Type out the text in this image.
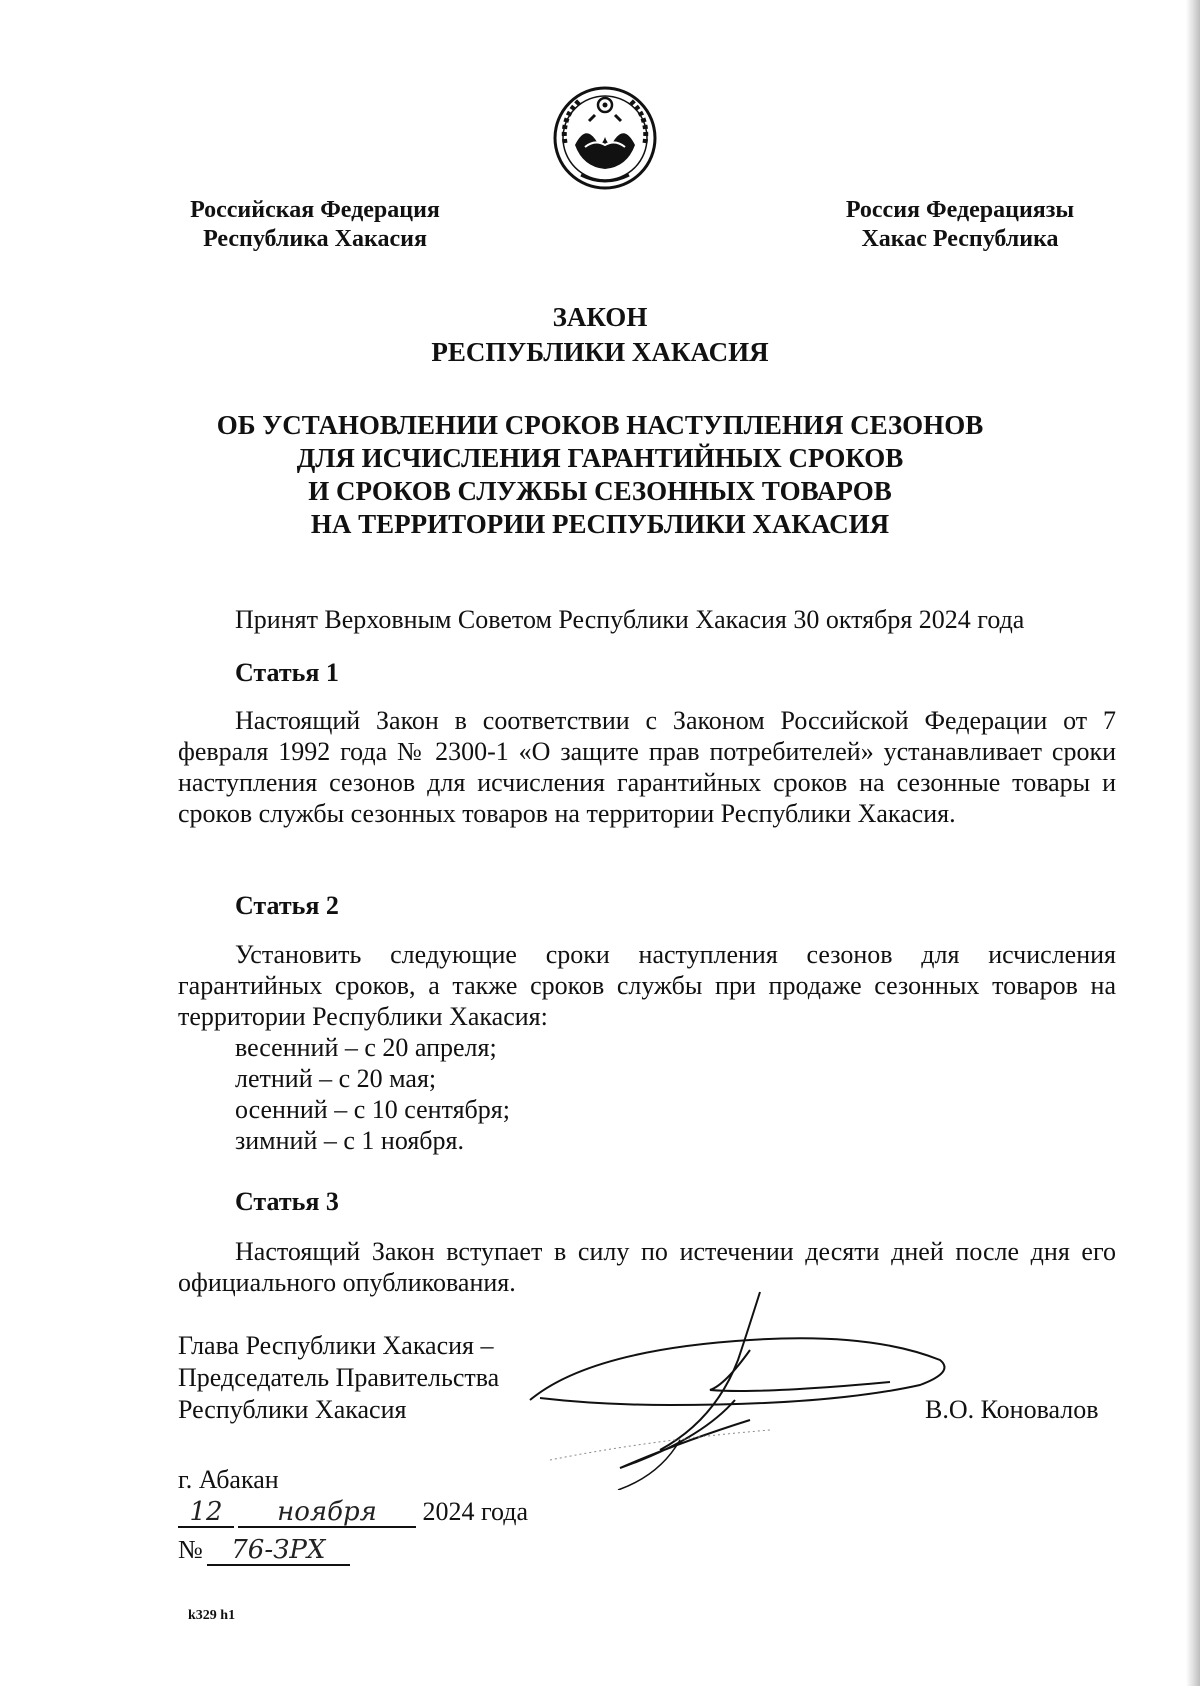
Российская Федерация
Республика Хакасия
Россия Федерациязы
Хакас Республика
ЗАКОН
РЕСПУБЛИКИ ХАКАСИЯ
ОБ УСТАНОВЛЕНИИ СРОКОВ НАСТУПЛЕНИЯ СЕЗОНОВ
ДЛЯ ИСЧИСЛЕНИЯ ГАРАНТИЙНЫХ СРОКОВ
И СРОКОВ СЛУЖБЫ СЕЗОННЫХ ТОВАРОВ
НА ТЕРРИТОРИИ РЕСПУБЛИКИ ХАКАСИЯ
Принят Верховным Советом Республики Хакасия 30 октября 2024 года
Статья 1

Настоящий Закон в соответствии с Законом Российской Федерации от 7 февраля 1992 года № 2300-1 «О защите прав потребителей» устанавливает сроки наступления сезонов для исчисления гарантийных сроков на сезонные товары и сроков службы сезонных товаров на территории Республики Хакасия.

Статья 2

Установить следующие сроки наступления сезонов для исчисления гарантийных сроков, а также сроков службы при продаже сезонных товаров на территории Республики Хакасия:

весенний – с 20 апреля;
летний – с 20 мая;
осенний – с 10 сентября;
зимний – с 1 ноября.
Статья 3

Настоящий Закон вступает в силу по истечении десяти дней после дня его официального опубликования.

Глава Республики Хакасия –
Председатель Правительства
Республики Хакасия	В.О. Коновалов
г. Абакан
12 ноября 2024 года
№ 76-ЗРХ
k329 h1
